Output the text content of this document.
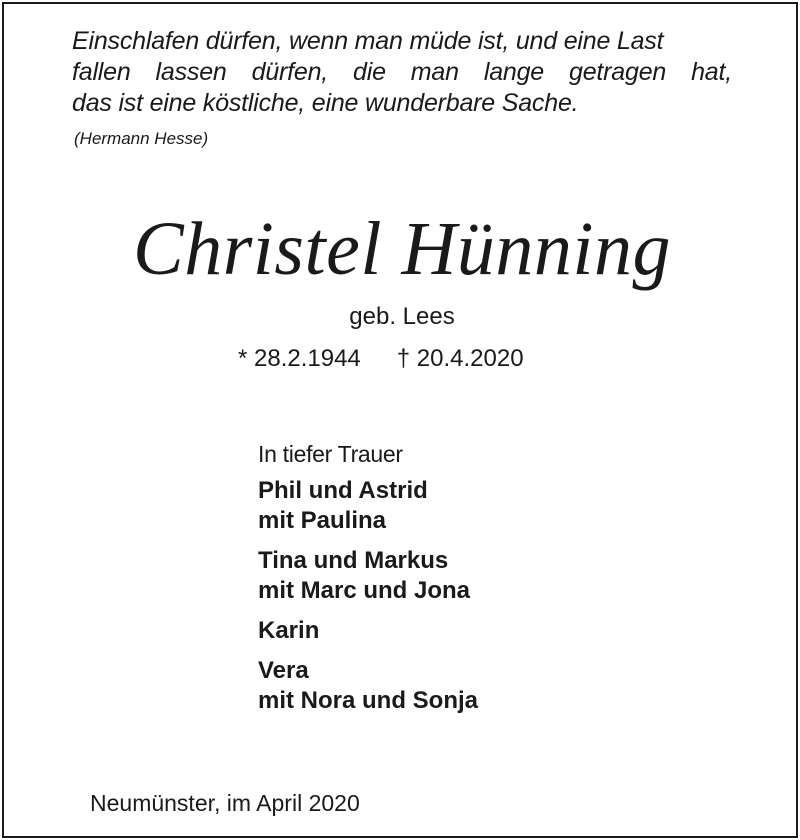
Einschlafen dürfen, wenn man müde ist, und eine Last
fallen lassen dürfen, die man lange getragen hat,
das ist eine köstliche, eine wunderbare Sache.
(Hermann Hesse)
Christel Hünning
geb. Lees
* 28.2.1944 † 20.4.2020
In tiefer Trauer
Phil und Astrid
mit Paulina
Tina und Markus
mit Marc und Jona
Karin
Vera
mit Nora und Sonja
Neumünster, im April 2020
